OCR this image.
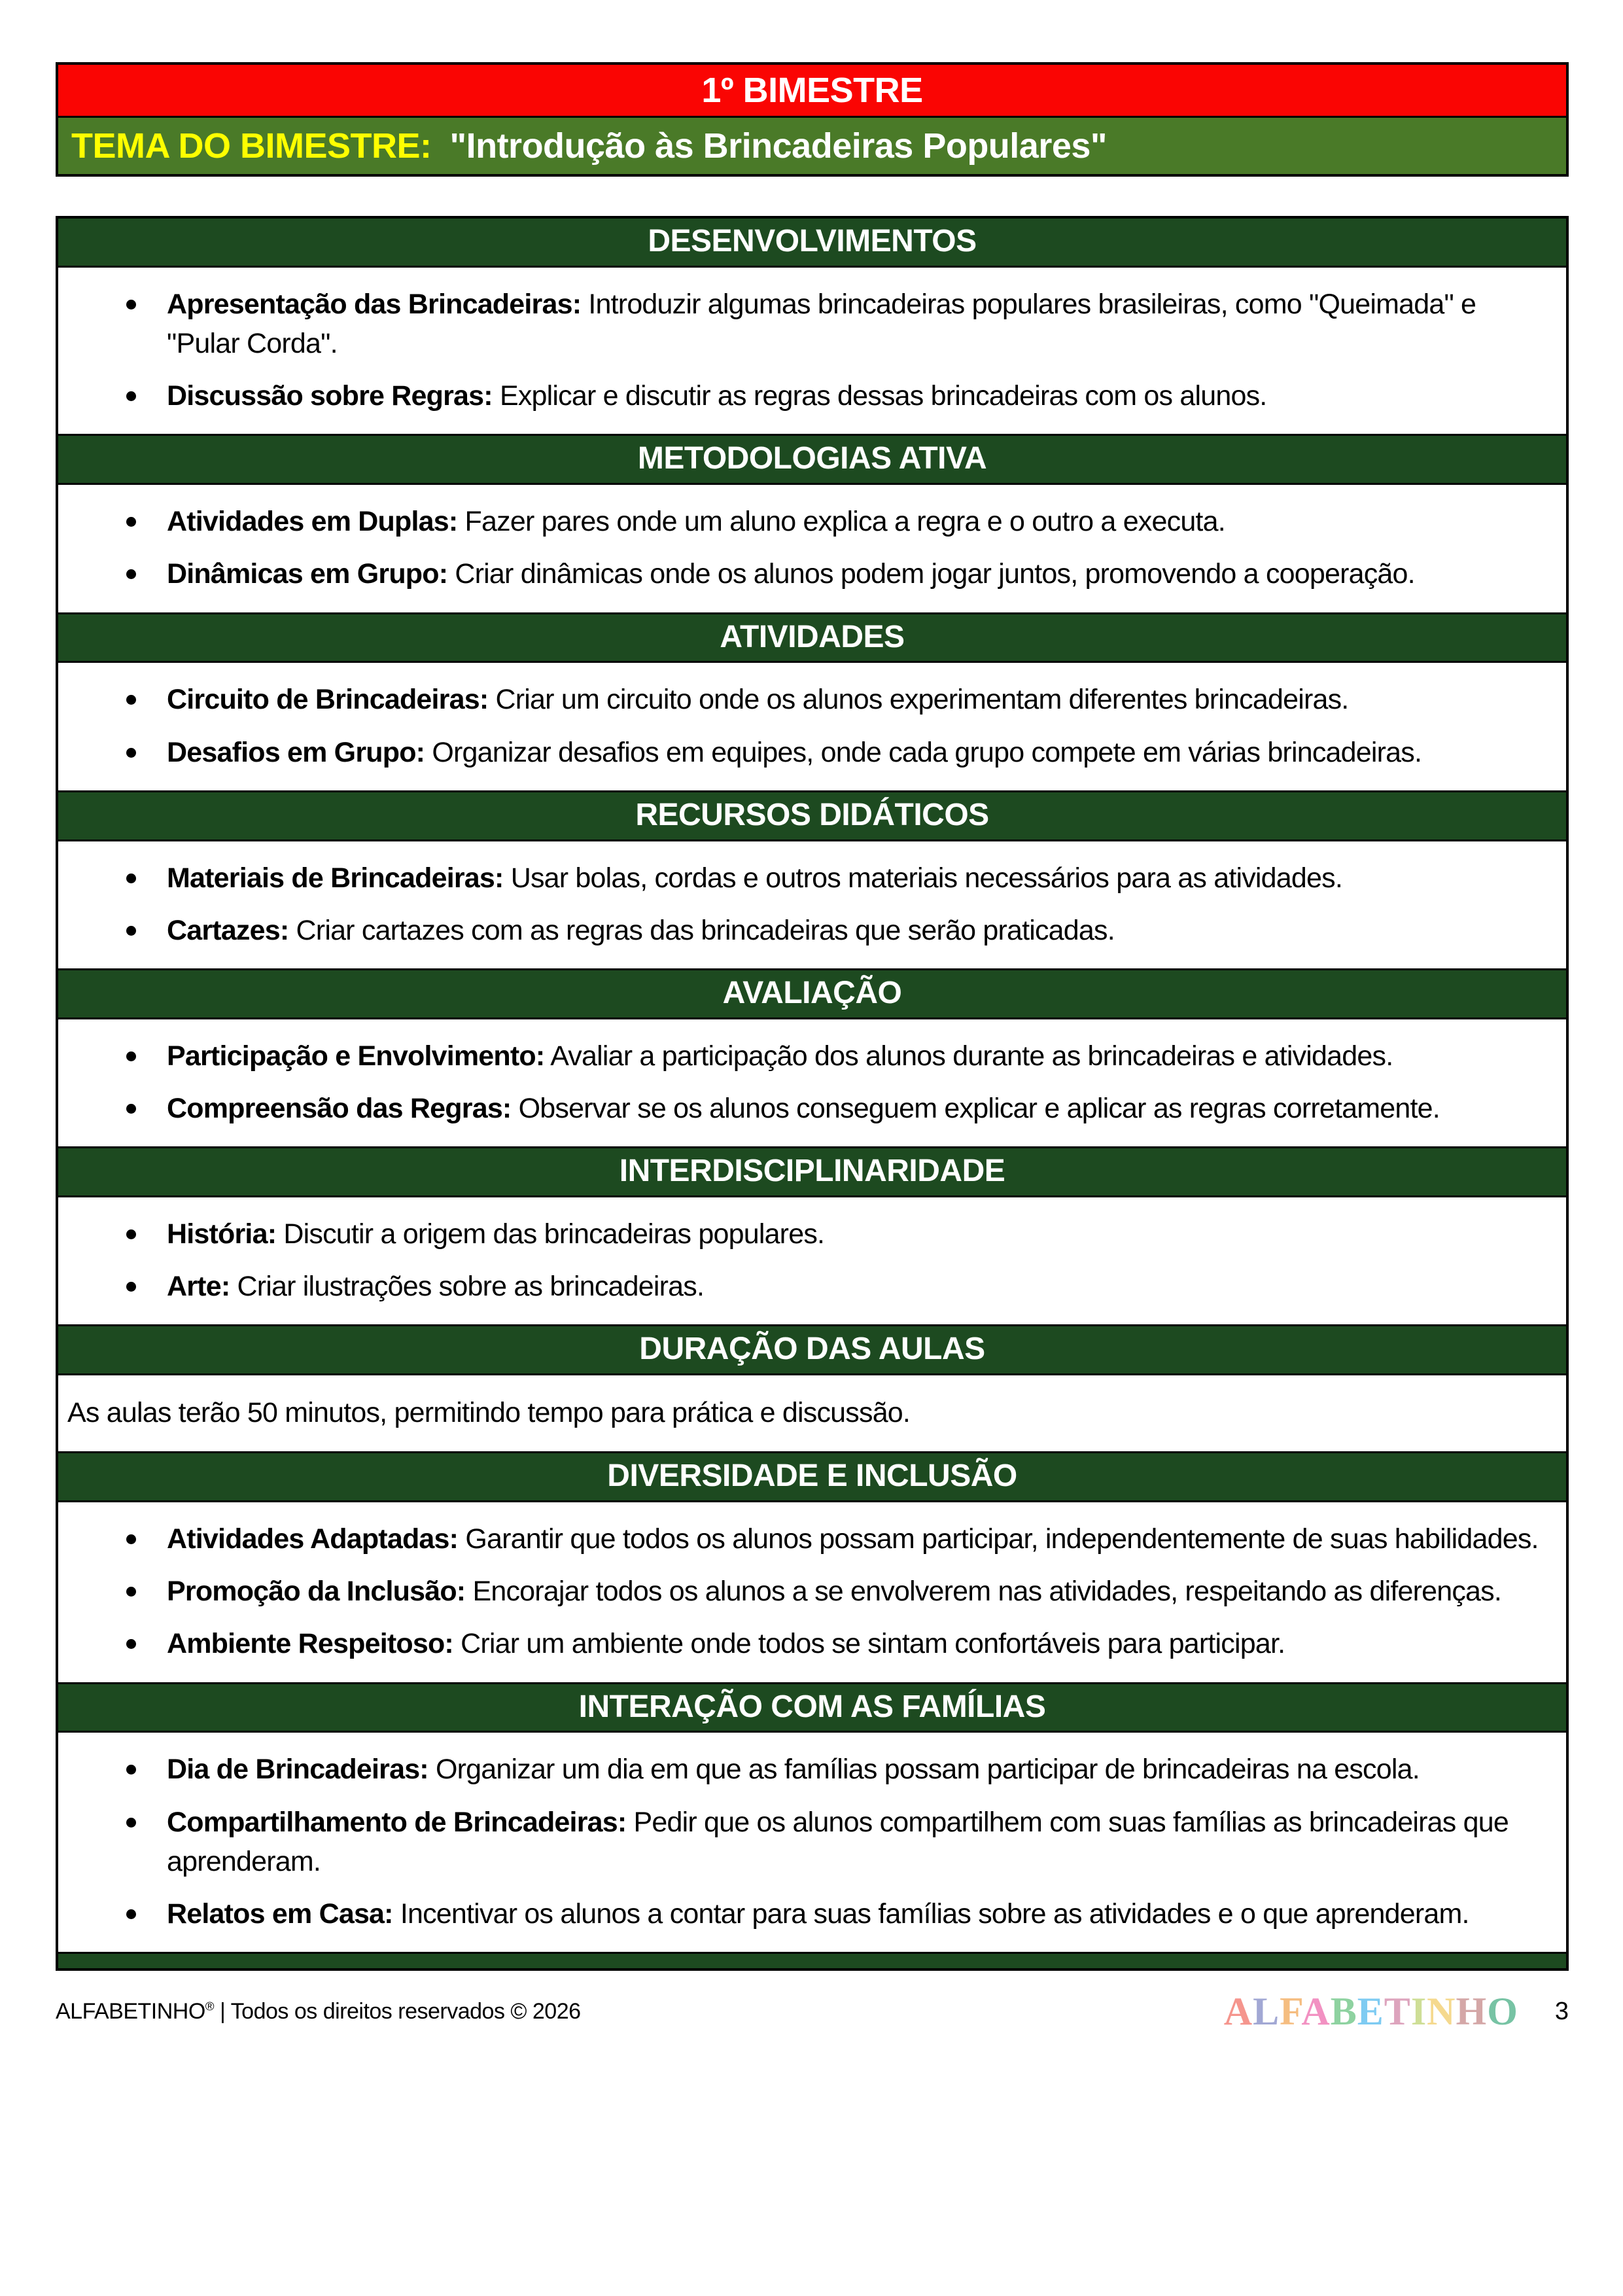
1º BIMESTRE
TEMA DO BIMESTRE: "Introdução às Brincadeiras Populares"
DESENVOLVIMENTOS
Apresentação das Brincadeiras: Introduzir algumas brincadeiras populares brasileiras, como "Queimada" e "Pular Corda".
Discussão sobre Regras: Explicar e discutir as regras dessas brincadeiras com os alunos.
METODOLOGIAS ATIVA
Atividades em Duplas: Fazer pares onde um aluno explica a regra e o outro a executa.
Dinâmicas em Grupo: Criar dinâmicas onde os alunos podem jogar juntos, promovendo a cooperação.
ATIVIDADES
Circuito de Brincadeiras: Criar um circuito onde os alunos experimentam diferentes brincadeiras.
Desafios em Grupo: Organizar desafios em equipes, onde cada grupo compete em várias brincadeiras.
RECURSOS DIDÁTICOS
Materiais de Brincadeiras: Usar bolas, cordas e outros materiais necessários para as atividades.
Cartazes: Criar cartazes com as regras das brincadeiras que serão praticadas.
AVALIAÇÃO
Participação e Envolvimento: Avaliar a participação dos alunos durante as brincadeiras e atividades.
Compreensão das Regras: Observar se os alunos conseguem explicar e aplicar as regras corretamente.
INTERDISCIPLINARIDADE
História: Discutir a origem das brincadeiras populares.
Arte: Criar ilustrações sobre as brincadeiras.
DURAÇÃO DAS AULAS
As aulas terão 50 minutos, permitindo tempo para prática e discussão.
DIVERSIDADE E INCLUSÃO
Atividades Adaptadas: Garantir que todos os alunos possam participar, independentemente de suas habilidades.
Promoção da Inclusão: Encorajar todos os alunos a se envolverem nas atividades, respeitando as diferenças.
Ambiente Respeitoso: Criar um ambiente onde todos se sintam confortáveis para participar.
INTERAÇÃO COM AS FAMÍLIAS
Dia de Brincadeiras: Organizar um dia em que as famílias possam participar de brincadeiras na escola.
Compartilhamento de Brincadeiras: Pedir que os alunos compartilhem com suas famílias as brincadeiras que aprenderam.
Relatos em Casa: Incentivar os alunos a contar para suas famílias sobre as atividades e o que aprenderam.
ALFABETINHO® | Todos os direitos reservados © 2026	ALFABETINHO 3
